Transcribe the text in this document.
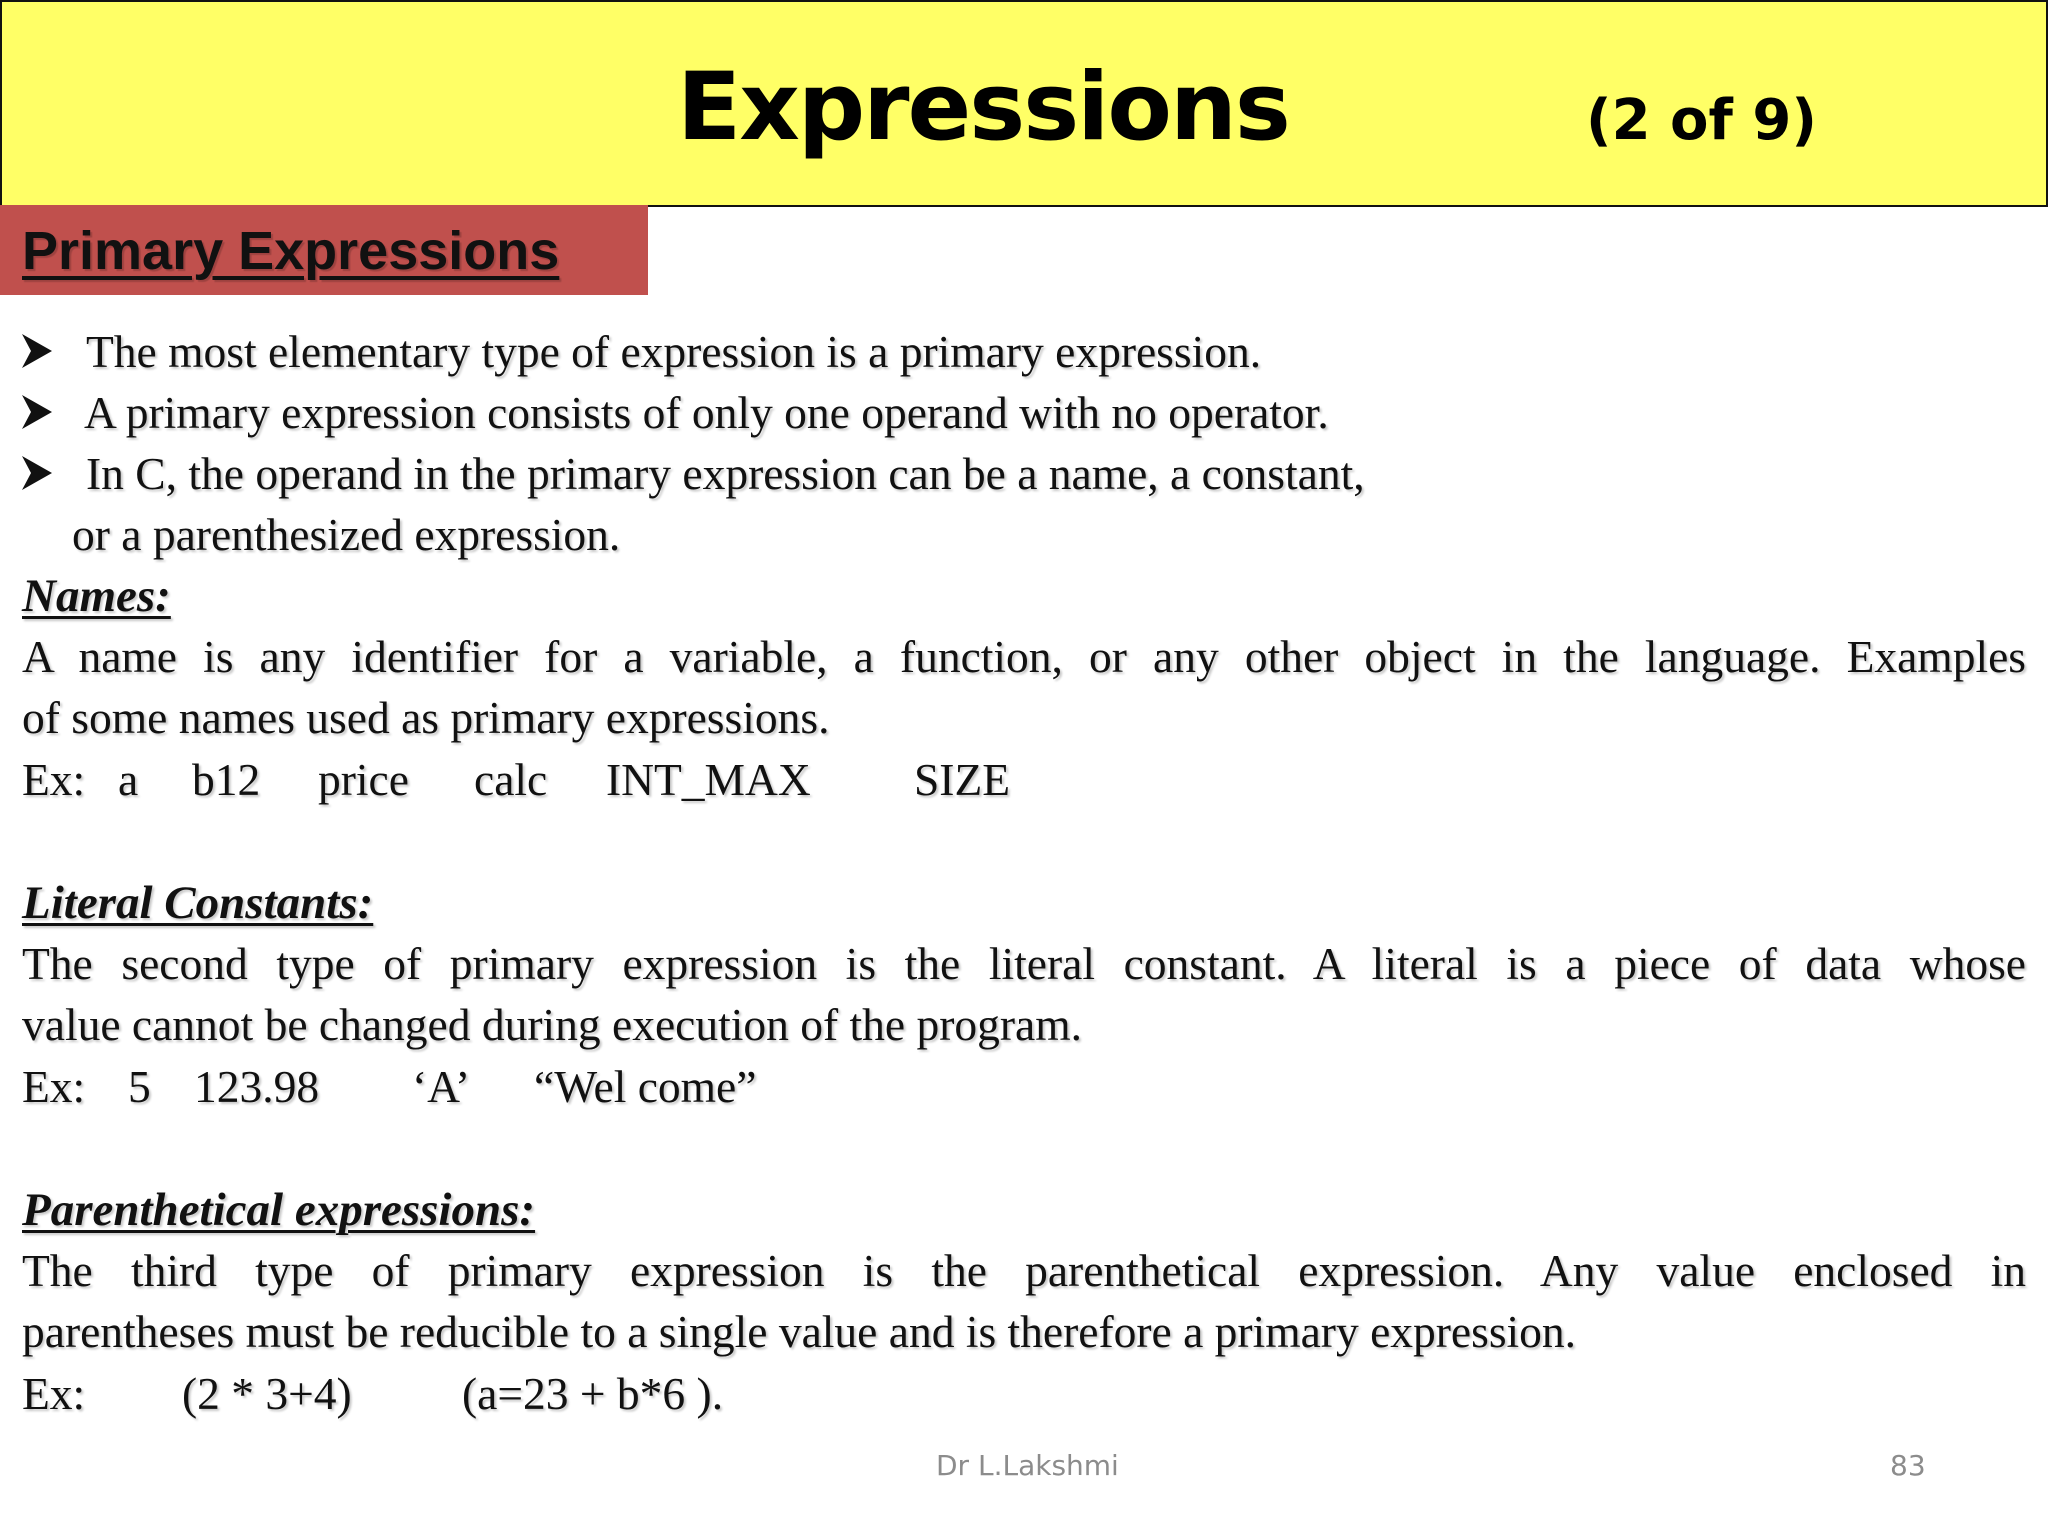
Expressions	(2 of 9)
Primary Expressions
The most elementary type of expression is a primary expression.
A primary expression consists of only one operand with no operator.
In C, the operand in the primary expression can be a name, a constant,
or a parenthesized expression.
Names:
A name is any identifier for a variable, a function, or any other object in the language. Examples
of some names used as primary expressions.
Ex: a b12 price calc INT_MAX SIZE
Literal Constants:
The second type of primary expression is the literal constant. A literal is a piece of data whose
value cannot be changed during execution of the program.
Ex: 5 123.98 ‘A’ “Wel come”
Parenthetical expressions:
The third type of primary expression is the parenthetical expression. Any value enclosed in
parentheses must be reducible to a single value and is therefore a primary expression.
Ex: (2 * 3+4) (a=23 + b*6 ).
Dr L.Lakshmi	83
